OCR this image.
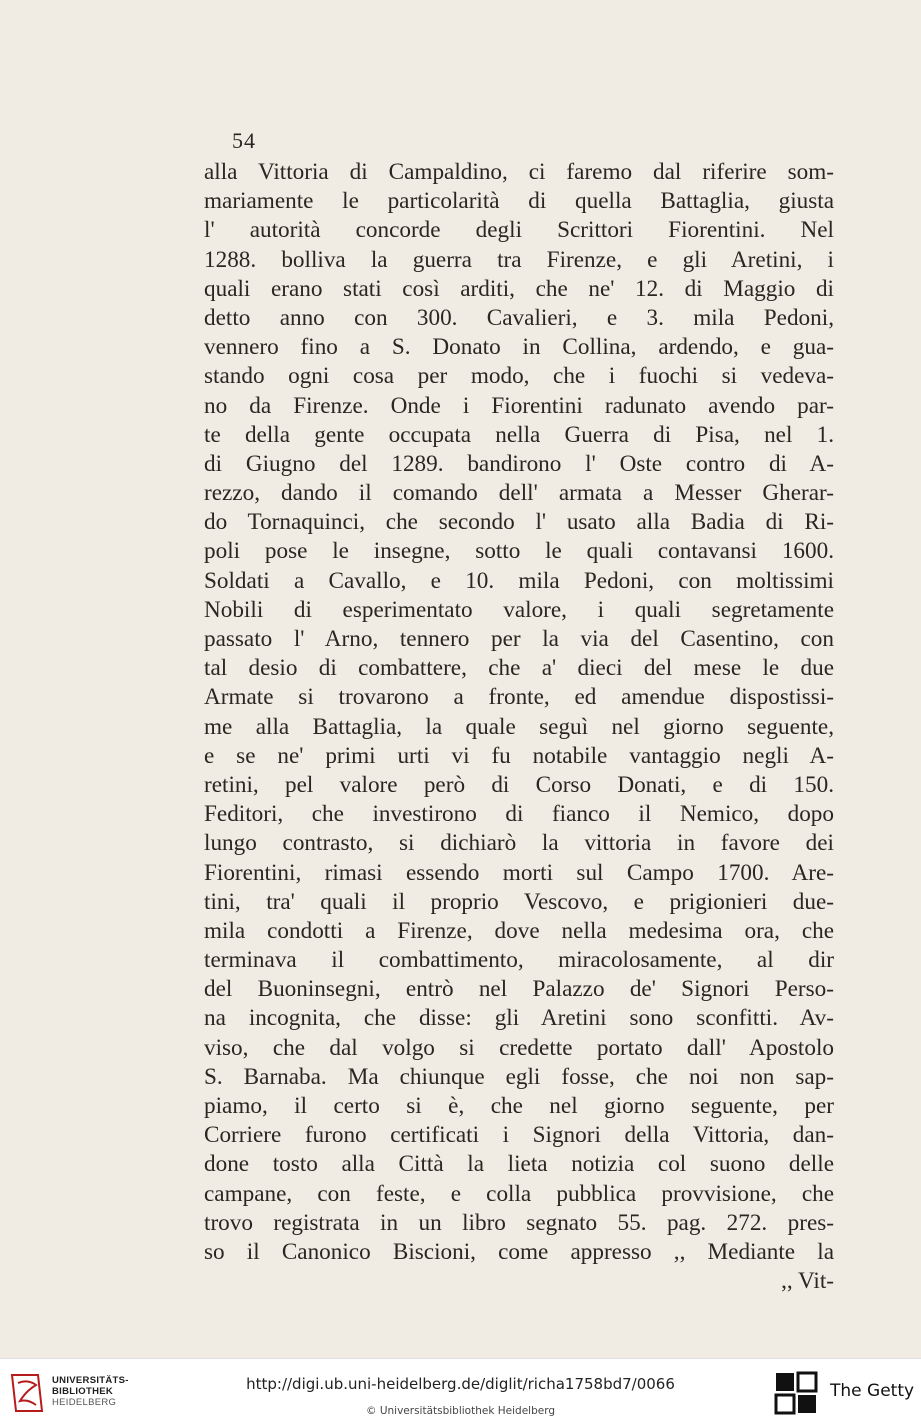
54
alla Vittoria di Campaldino, ci faremo dal riferire som-
mariamente le particolarità di quella Battaglia, giusta
l' autorità concorde degli Scrittori Fiorentini. Nel
1288. bolliva la guerra tra Firenze, e gli Aretini, i
quali erano stati così arditi, che ne' 12. di Maggio di
detto anno con 300. Cavalieri, e 3. mila Pedoni,
vennero fino a S. Donato in Collina, ardendo, e gua-
stando ogni cosa per modo, che i fuochi si vedeva-
no da Firenze. Onde i Fiorentini radunato avendo par-
te della gente occupata nella Guerra di Pisa, nel 1.
di Giugno del 1289. bandirono l' Oste contro di A-
rezzo, dando il comando dell' armata a Messer Gherar-
do Tornaquinci, che secondo l' usato alla Badia di Ri-
poli pose le insegne, sotto le quali contavansi 1600.
Soldati a Cavallo, e 10. mila Pedoni, con moltissimi
Nobili di esperimentato valore, i quali segretamente
passato l' Arno, tennero per la via del Casentino, con
tal desio di combattere, che a' dieci del mese le due
Armate si trovarono a fronte, ed amendue dispostissi-
me alla Battaglia, la quale seguì nel giorno seguente,
e se ne' primi urti vi fu notabile vantaggio negli A-
retini, pel valore però di Corso Donati, e di 150.
Feditori, che investirono di fianco il Nemico, dopo
lungo contrasto, si dichiarò la vittoria in favore dei
Fiorentini, rimasi essendo morti sul Campo 1700. Are-
tini, tra' quali il proprio Vescovo, e prigionieri due-
mila condotti a Firenze, dove nella medesima ora, che
terminava il combattimento, miracolosamente, al dir
del Buoninsegni, entrò nel Palazzo de' Signori Perso-
na incognita, che disse: gli Aretini sono sconfitti. Av-
viso, che dal volgo si credette portato dall' Apostolo
S. Barnaba. Ma chiunque egli fosse, che noi non sap-
piamo, il certo si è, che nel giorno seguente, per
Corriere furono certificati i Signori della Vittoria, dan-
done tosto alla Città la lieta notizia col suono delle
campane, con feste, e colla pubblica provvisione, che
trovo registrata in un libro segnato 55. pag. 272. pres-
so il Canonico Biscioni, come appresso ,, Mediante la
,, Vit-
UNIVERSITÄTS-
BIBLIOTHEK
HEIDELBERG
http://digi.ub.uni-heidelberg.de/diglit/richa1758bd7/0066
© Universitätsbibliothek Heidelberg
The Getty
